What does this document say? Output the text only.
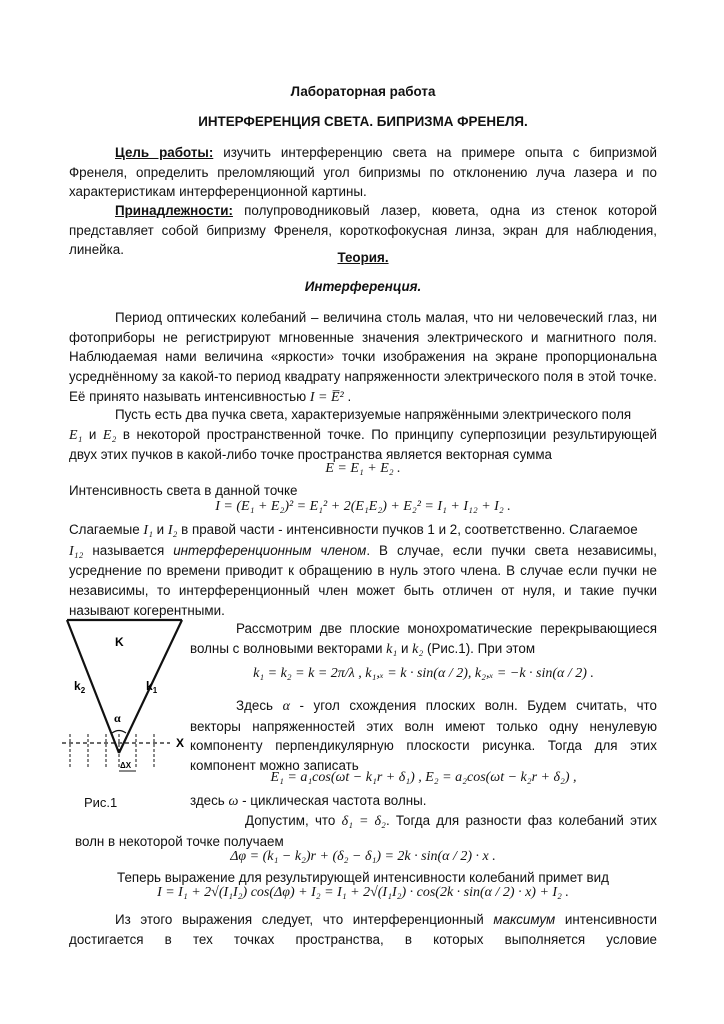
Лабораторная работа

ИНТЕРФЕРЕНЦИЯ СВЕТА. БИПРИЗМА ФРЕНЕЛЯ.

Цель работы: изучить интерференцию света на примере опыта с бипризмой Френеля, определить преломляющий угол бипризмы по отклонению луча лазера и по характеристикам интерференционной картины.

Принадлежности: полупроводниковый лазер, кювета, одна из стенок которой представляет собой бипризму Френеля, короткофокусная линза, экран для наблюдения, линейка.

Теория.

Интерференция.

Период оптических колебаний – величина столь малая, что ни человеческий глаз, ни фотоприборы не регистрируют мгновенные значения электрического и магнитного поля. Наблюдаемая нами величина «яркости» точки изображения на экране пропорциональна усреднённому за какой-то период квадрату напряженности электрического поля в этой точке. Её принято называть интенсивностью I = E̅² .

Пусть есть два пучка света, характеризуемые напряжёнными электрического поля
E₁ и E₂ в некоторой пространственной точке. По принципу суперпозиции результирующей двух этих пучков в какой-либо точке пространства является векторная сумма

E = E₁ + E₂ .

Интенсивность света в данной точке

I = (E₁ + E₂)² = E₁² + 2(E₁E₂) + E₂² = I₁ + I₁₂ + I₂ .

Слагаемые I₁ и I₂ в правой части - интенсивности пучков 1 и 2, соответственно. Слагаемое
I₁₂ называется интерференционным членом. В случае, если пучки света независимы, усреднение по времени приводит к обращению в нуль этого члена. В случае если пучки не независимы, то интерференционный член может быть отличен от нуля, и такие пучки называют когерентными.

K
$k_2$	$k_1$
α
X
ΔX
Рис.1

Рассмотрим две плоские монохроматические перекрывающиеся волны с волновыми векторами k₁ и k₂ (Рис.1). При этом

k₁ = k₂ = k = 2π/λ , k₁,ₓ = k · sin(α / 2), k₂,ₓ = −k · sin(α / 2) .

Здесь α - угол схождения плоских волн. Будем считать, что векторы напряженностей этих волн имеют только одну ненулевую компоненту перпендикулярную плоскости рисунка. Тогда для этих компонент можно записать

E₁ = a₁cos(ωt − k₁r + δ₁) , E₂ = a₂cos(ωt − k₂r + δ₂) ,

здесь ω - циклическая частота волны.

Допустим, что δ₁ = δ₂. Тогда для разности фаз колебаний этих волн в некоторой точке получаем

Δφ = (k₁ − k₂)r + (δ₂ − δ₁) = 2k · sin(α / 2) · x .

Теперь выражение для результирующей интенсивности колебаний примет вид

I = I₁ + 2√(I₁I₂) cos(Δφ) + I₂ = I₁ + 2√(I₁I₂) · cos(2k · sin(α / 2) · x) + I₂ .

Из этого выражения следует, что интерференционный максимум интенсивности

достигается в тех точках пространства, в которых выполняется условие
